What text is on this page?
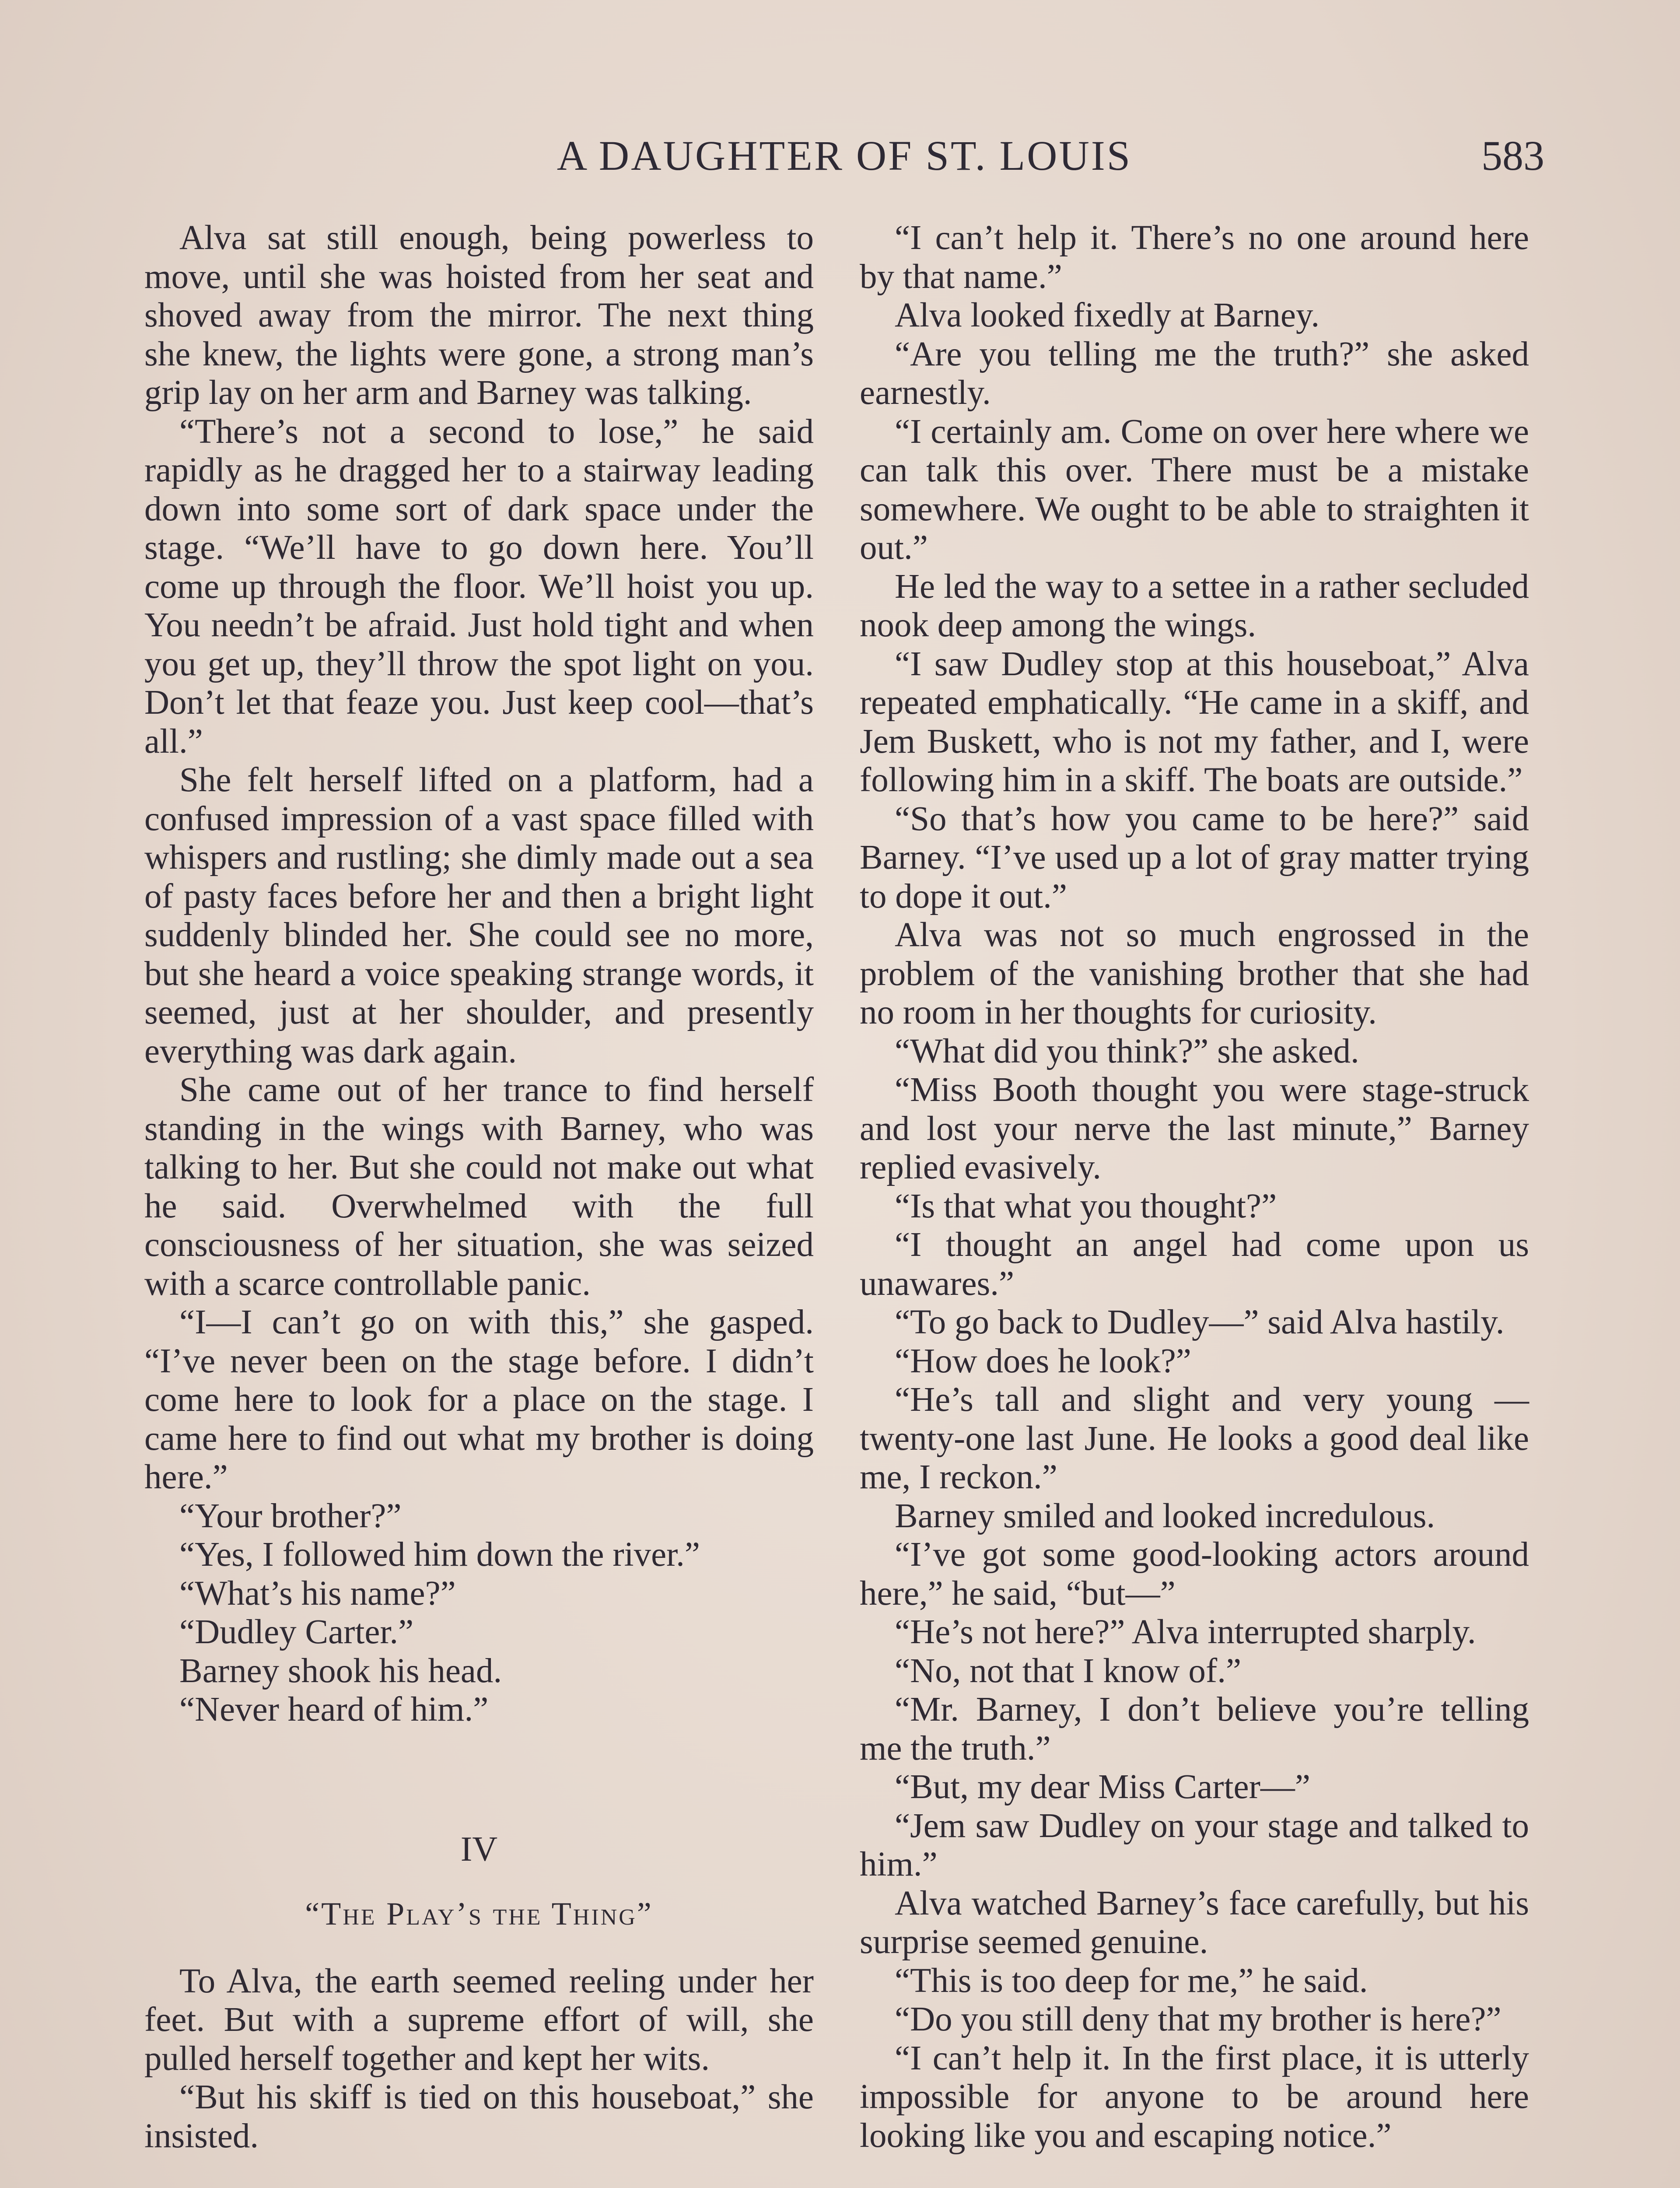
A DAUGHTER OF ST. LOUIS	583

Alva sat still enough, being powerless to move, until she was hoisted from her seat and shoved away from the mirror. The next thing she knew, the lights were gone, a strong man’s grip lay on her arm and Barney was talking.

“There’s not a second to lose,” he said rapidly as he dragged her to a stairway leading down into some sort of dark space under the stage. “We’ll have to go down here. You’ll come up through the floor. We’ll hoist you up. You needn’t be afraid. Just hold tight and when you get up, they’ll throw the spot light on you. Don’t let that feaze you. Just keep cool—that’s all.”

She felt herself lifted on a platform, had a confused impression of a vast space filled with whispers and rustling; she dimly made out a sea of pasty faces before her and then a bright light suddenly blinded her. She could see no more, but she heard a voice speaking strange words, it seemed, just at her shoulder, and presently everything was dark again.

She came out of her trance to find herself standing in the wings with Barney, who was talking to her. But she could not make out what he said. Overwhelmed with the full consciousness of her situation, she was seized with a scarce controllable panic.

“I—I can’t go on with this,” she gasped. “I’ve never been on the stage before. I didn’t come here to look for a place on the stage. I came here to find out what my brother is doing here.”

“Your brother?”

“Yes, I followed him down the river.”

“What’s his name?”

“Dudley Carter.”

Barney shook his head.

“Never heard of him.”

IV

“The Play’s the Thing”

To Alva, the earth seemed reeling under her feet. But with a supreme effort of will, she pulled herself together and kept her wits.

“But his skiff is tied on this houseboat,” she insisted.

“I can’t help it. There’s no one around here by that name.”

Alva looked fixedly at Barney.

“Are you telling me the truth?” she asked earnestly.

“I certainly am. Come on over here where we can talk this over. There must be a mistake somewhere. We ought to be able to straighten it out.”

He led the way to a settee in a rather secluded nook deep among the wings.

“I saw Dudley stop at this houseboat,” Alva repeated emphatically. “He came in a skiff, and Jem Buskett, who is not my father, and I, were following him in a skiff. The boats are outside.”

“So that’s how you came to be here?” said Barney. “I’ve used up a lot of gray matter trying to dope it out.”

Alva was not so much engrossed in the problem of the vanishing brother that she had no room in her thoughts for curiosity.

“What did you think?” she asked.

“Miss Booth thought you were stage-struck and lost your nerve the last minute,” Barney replied evasively.

“Is that what you thought?”

“I thought an angel had come upon us unawares.”

“To go back to Dudley—” said Alva hastily.

“How does he look?”

“He’s tall and slight and very young —twenty-one last June. He looks a good deal like me, I reckon.”

Barney smiled and looked incredulous.

“I’ve got some good-looking actors around here,” he said, “but—”

“He’s not here?” Alva interrupted sharply.

“No, not that I know of.”

“Mr. Barney, I don’t believe you’re telling me the truth.”

“But, my dear Miss Carter—”

“Jem saw Dudley on your stage and talked to him.”

Alva watched Barney’s face carefully, but his surprise seemed genuine.

“This is too deep for me,” he said.

“Do you still deny that my brother is here?”

“I can’t help it. In the first place, it is utterly impossible for anyone to be around here looking like you and escaping notice.”
